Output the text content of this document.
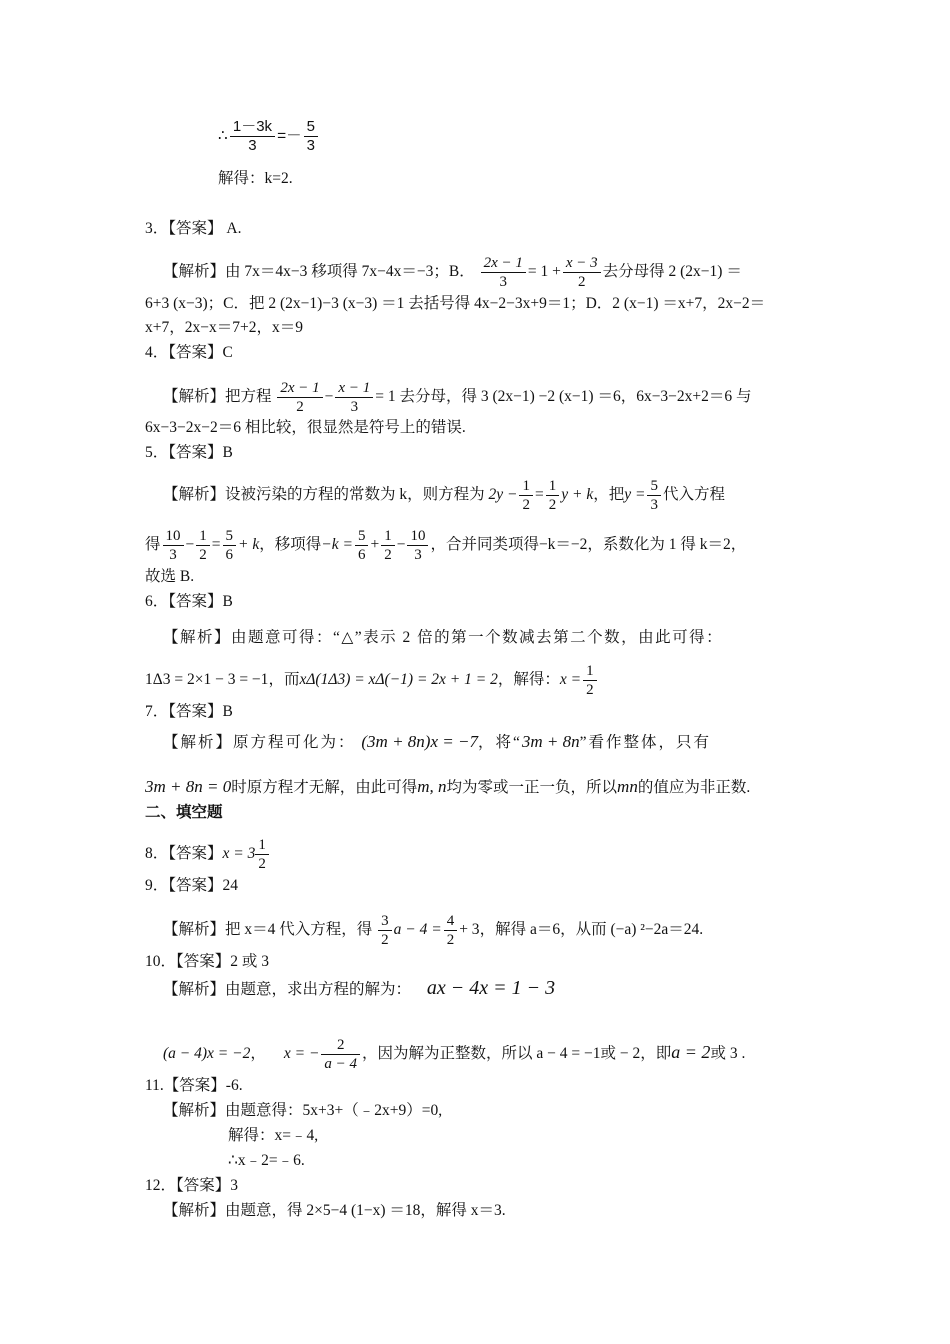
∴ $\frac{1-3k}{3} =- \frac{5}{3}$
解得：k=2.
3．【答案】 A.
【解析】由 7x＝4x−3 移项得 7x−4x＝−3；B． $\frac{2x - 1}{3} = 1 + \frac{x - 3}{2}$ 去分母得 2 (2x−1) ＝
6+3 (x−3)；C．把 2 (2x−1)−3 (x−3) ＝1 去括号得 4x−2−3x+9＝1；D．2 (x−1) ＝x+7，2x−2＝
x+7，2x−x＝7+2，x＝9
4．【答案】C
【解析】把方程 $\frac{2x - 1}{2} - \frac{x - 1}{3} = 1$ 去分母，得 3 (2x−1) −2 (x−1) ＝6，6x−3−2x+2＝6 与
6x−3−2x−2＝6 相比较，很显然是符号上的错误.
5．【答案】B
【解析】设被污染的方程的常数为 k，则方程为 $2y - \frac{1}{2} = \frac{1}{2}$ y + k，把$y = \frac{5}{3}$ 代入方程
得 $\frac{10}{3} - \frac{1}{2} = \frac{5}{6} + k$，移项得$-k = \frac{5}{6} + \frac{1}{2} - \frac{10}{3}$ ，合并同类项得−k＝−2，系数化为 1 得 k＝2，
故选 B.
6．【答案】B
【解析】由题意可得：“△”表示 2 倍的第一个数减去第二个数，由此可得：
1Δ3 = 2×1 − 3 = −1，而xΔ(1Δ3) = xΔ(−1) = 2x + 1 = 2，解得：$x = \frac{1}{2}$
7．【答案】B
【解析】原方程可化为： (3m + 8n)x = −7，将“3m + 8n”看作整体，只有
3m + 8n = 0时原方程才无解，由此可得m, n均为零或一正一负，所以mn的值应为非正数.
二、填空题
8．【答案】$x = 3 \frac{1}{2}$
9．【答案】24
【解析】把 x＝4 代入方程，得 $\frac{3}{2}$ $a - 4 = \frac{4}{2} + 3$，解得 a＝6，从而 (−a) ²−2a＝24.
10．【答案】2 或 3
【解析】由题意，求出方程的解为： ax − 4x = 1 − 3
(a − 4)x = −2， x = − $\frac{2}{a - 4}$ ，因为解为正整数，所以 a − 4 = −1或 − 2，即a = 2或 3 .
11.【答案】-6.
【解析】由题意得：5x+3+（﹣2x+9）=0,
解得：x=﹣4,
∴x﹣2=﹣6.
12．【答案】3
【解析】由题意，得 2×5−4 (1−x) ＝18，解得 x＝3.
